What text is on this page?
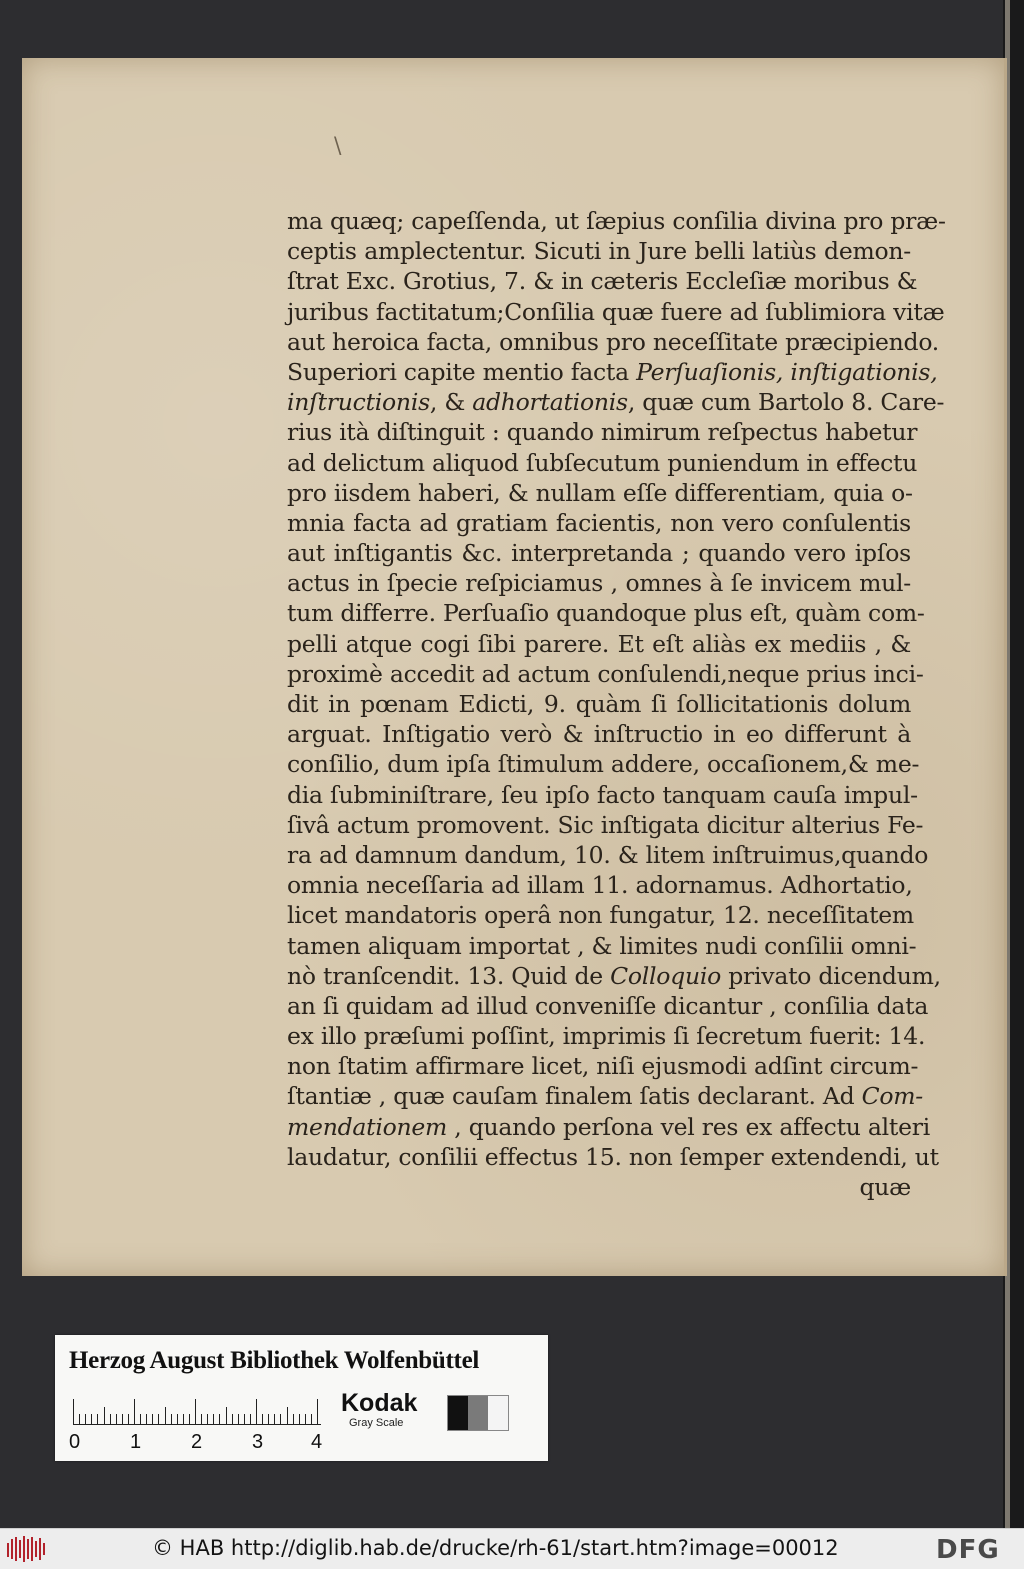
\
ma quæq; capeſſenda, ut ſæpius conſilia divina pro præ-
ceptis amplectentur. Sicuti in Jure belli latiùs demon-
ſtrat Exc. Grotius, 7. & in cæteris Eccleſiæ moribus &
juribus factitatum;Conſilia quæ fuere ad ſublimiora vitæ
aut heroica facta, omnibus pro neceſſitate præcipiendo.
Superiori capite mentio facta Perſuaſionis, inſtigationis,
inſtructionis, & adhortationis, quæ cum Bartolo 8. Care-
rius ità diſtinguit : quando nimirum reſpectus habetur
ad delictum aliquod ſubſecutum puniendum in effectu
pro iisdem haberi, & nullam eſſe differentiam, quia o-
mnia facta ad gratiam facientis, non vero conſulentis
aut inſtigantis &c. interpretanda ; quando vero ipſos
actus in ſpecie reſpiciamus , omnes à ſe invicem mul-
tum differre. Perſuaſio quandoque plus eſt, quàm com-
pelli atque cogi ſibi parere. Et eſt aliàs ex mediis , &
proximè accedit ad actum conſulendi,neque prius inci-
dit in pœnam Edicti, 9. quàm ſi ſollicitationis dolum
arguat. Inſtigatio verò & inſtructio in eo differunt à
conſilio, dum ipſa ſtimulum addere, occaſionem,& me-
dia ſubminiſtrare, ſeu ipſo facto tanquam cauſa impul-
ſivâ actum promovent. Sic inſtigata dicitur alterius Fe-
ra ad damnum dandum, 10. & litem inſtruimus,quando
omnia neceſſaria ad illam 11. adornamus. Adhortatio,
licet mandatoris operâ non fungatur, 12. neceſſitatem
tamen aliquam importat , & limites nudi conſilii omni-
nò tranſcendit. 13. Quid de Colloquio privato dicendum,
an ſi quidam ad illud conveniſſe dicantur , conſilia data
ex illo præſumi poſſint, imprimis ſi ſecretum fuerit: 14.
non ſtatim affirmare licet, niſi ejusmodi adſint circum-
ſtantiæ , quæ cauſam finalem ſatis declarant. Ad Com-
mendationem , quando perſona vel res ex affectu alteri
laudatur, conſilii effectus 15. non ſemper extendendi, ut
quæ
Herzog August Bibliothek Wolfenbüttel
0 1 2 3 4
Kodak
Gray Scale
© HAB http://diglib.hab.de/drucke/rh-61/start.htm?image=00012	DFG
